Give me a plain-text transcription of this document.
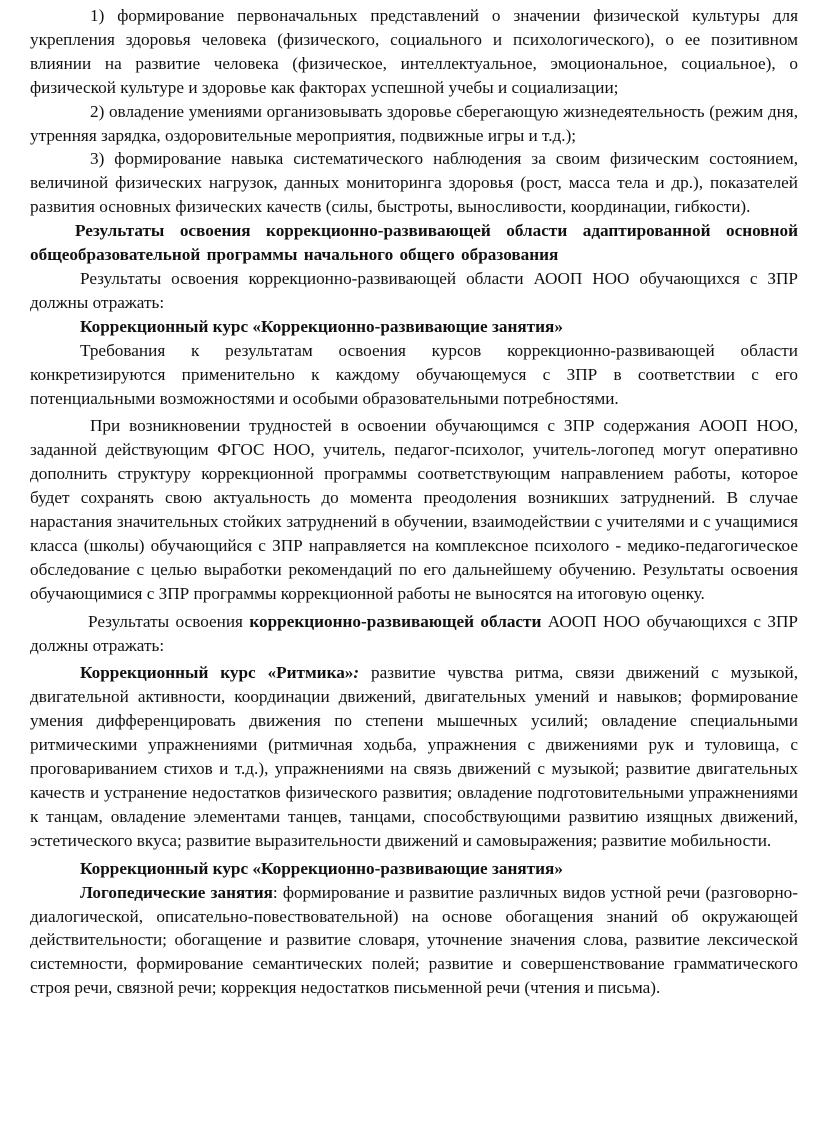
1) формирование первоначальных представлений о значении физической культуры для укрепления здоровья человека (физического, социального и психологического), о ее позитивном влиянии на развитие человека (физическое, интеллектуальное, эмоциональное, социальное), о физической культуре и здоровье как факторах успешной учебы и социализации;

2) овладение умениями организовывать здоровье сберегающую жизнедеятельность (режим дня, утренняя зарядка, оздоровительные мероприятия, подвижные игры и т.д.);

3) формирование навыка систематического наблюдения за своим физическим состоянием, величиной физических нагрузок, данных мониторинга здоровья (рост, масса тела и др.), показателей развития основных физических качеств (силы, быстроты, выносливости, координации, гибкости).

Результаты освоения коррекционно-развивающей области адаптированной основной общеобразовательной программы начального общего образования

Результаты освоения коррекционно-развивающей области АООП НОО обучающихся с ЗПР должны отражать:

Коррекционный курс «Коррекционно-развивающие занятия»

Требования к результатам освоения курсов коррекционно-развивающей области конкретизируются применительно к каждому обучающемуся с ЗПР в соответствии с его потенциальными возможностями и особыми образовательными потребностями.

При возникновении трудностей в освоении обучающимся с ЗПР содержания АООП НОО, заданной действующим ФГОС НОО, учитель, педагог-психолог, учитель-логопед могут оперативно дополнить структуру коррекционной программы соответствующим направлением работы, которое будет сохранять свою актуальность до момента преодоления возникших затруднений. В случае нарастания значительных стойких затруднений в обучении, взаимодействии с учителями и с учащимися класса (школы) обучающийся с ЗПР направляется на комплексное психолого - медико-педагогическое обследование с целью выработки рекомендаций по его дальнейшему обучению. Результаты освоения обучающимися с ЗПР программы коррекционной работы не выносятся на итоговую оценку.

Результаты освоения коррекционно-развивающей области АООП НОО обучающихся с ЗПР должны отражать:

Коррекционный курс «Ритмика»: развитие чувства ритма, связи движений с музыкой, двигательной активности, координации движений, двигательных умений и навыков; формирование умения дифференцировать движения по степени мышечных усилий; овладение специальными ритмическими упражнениями (ритмичная ходьба, упражнения с движениями рук и туловища, с проговариванием стихов и т.д.), упражнениями на связь движений с музыкой; развитие двигательных качеств и устранение недостатков физического развития; овладение подготовительными упражнениями к танцам, овладение элементами танцев, танцами, способствующими развитию изящных движений, эстетического вкуса; развитие выразительности движений и самовыражения; развитие мобильности.

Коррекционный курс «Коррекционно-развивающие занятия»

Логопедические занятия: формирование и развитие различных видов устной речи (разговорно-диалогической, описательно-повествовательной) на основе обогащения знаний об окружающей действительности; обогащение и развитие словаря, уточнение значения слова, развитие лексической системности, формирование семантических полей; развитие и совершенствование грамматического строя речи, связной речи; коррекция недостатков письменной речи (чтения и письма).
